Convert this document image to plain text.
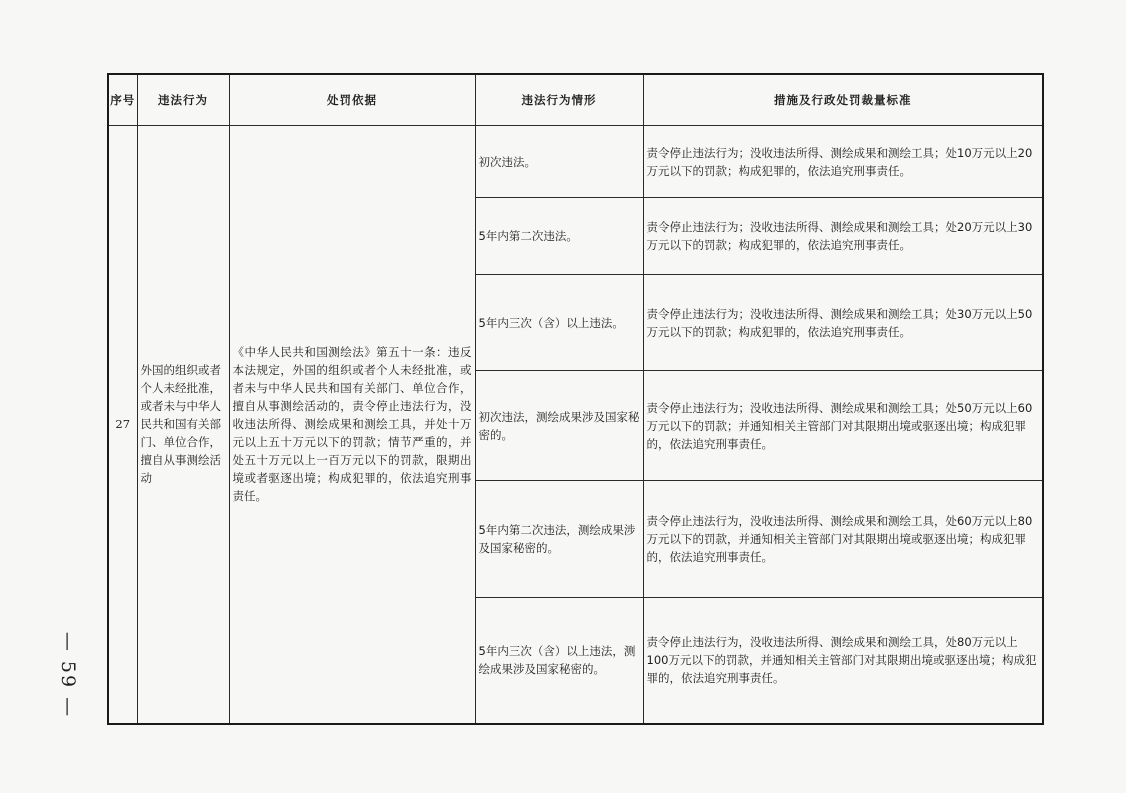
— 59 —
序号	违法行为	处罚依据	违法行为情形	措施及行政处罚裁量标准
27	外国的组织或者个人未经批准，或者未与中华人民共和国有关部门、单位合作，擅自从事测绘活动	《中华人民共和国测绘法》第五十一条：违反本法规定，外国的组织或者个人未经批准，或者未与中华人民共和国有关部门、单位合作，擅自从事测绘活动的，责令停止违法行为，没收违法所得、测绘成果和测绘工具，并处十万元以上五十万元以下的罚款；情节严重的，并处五十万元以上一百万元以下的罚款，限期出境或者驱逐出境；构成犯罪的，依法追究刑事责任。	初次违法。	责令停止违法行为；没收违法所得、测绘成果和测绘工具；处10万元以上20万元以下的罚款；构成犯罪的，依法追究刑事责任。
			5年内第二次违法。	责令停止违法行为；没收违法所得、测绘成果和测绘工具；处20万元以上30万元以下的罚款；构成犯罪的，依法追究刑事责任。
			5年内三次（含）以上违法。	责令停止违法行为；没收违法所得、测绘成果和测绘工具；处30万元以上50万元以下的罚款；构成犯罪的，依法追究刑事责任。
			初次违法，测绘成果涉及国家秘密的。	责令停止违法行为；没收违法所得、测绘成果和测绘工具；处50万元以上60万元以下的罚款；并通知相关主管部门对其限期出境或驱逐出境；构成犯罪的，依法追究刑事责任。
			5年内第二次违法，测绘成果涉及国家秘密的。	责令停止违法行为，没收违法所得、测绘成果和测绘工具，处60万元以上80万元以下的罚款，并通知相关主管部门对其限期出境或驱逐出境；构成犯罪的，依法追究刑事责任。
			5年内三次（含）以上违法，测绘成果涉及国家秘密的。	责令停止违法行为，没收违法所得、测绘成果和测绘工具，处80万元以上100万元以下的罚款，并通知相关主管部门对其限期出境或驱逐出境；构成犯罪的，依法追究刑事责任。
